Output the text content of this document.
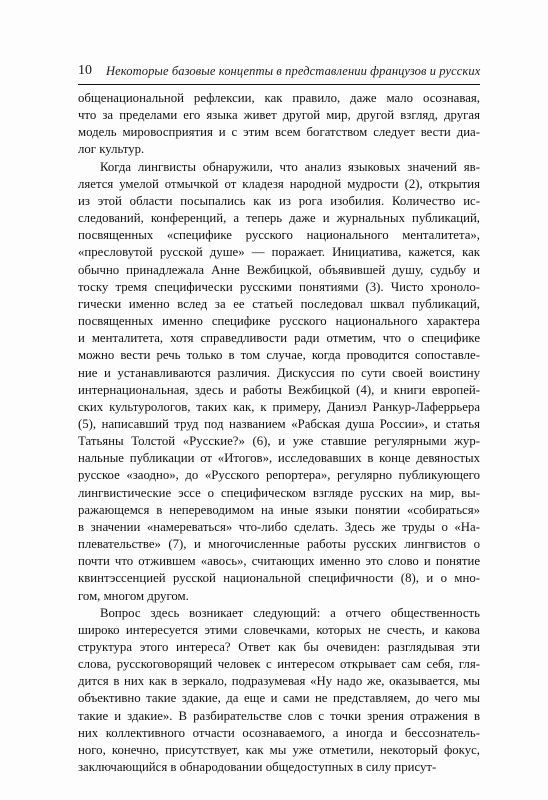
10 Некоторые базовые концепты в представлении французов и русских
общенациональной рефлексии, как правило, даже мало осознавая,
что за пределами его языка живет другой мир, другой взгляд, другая
модель мировосприятия и с этим всем богатством следует вести диа-
лог культур.
Когда лингвисты обнаружили, что анализ языковых значений яв-
ляется умелой отмычкой от кладезя народной мудрости (2), открытия
из этой области посыпались как из рога изобилия. Количество ис-
следований, конференций, а теперь даже и журнальных публикаций,
посвященных «специфике русского национального менталитета»,
«пресловутой русской душе» — поражает. Инициатива, кажется, как
обычно принадлежала Анне Вежбицкой, объявившей душу, судьбу и
тоску тремя специфически русскими понятиями (3). Чисто хроноло-
гически именно вслед за ее статьей последовал шквал публикаций,
посвященных именно специфике русского национального характера
и менталитета, хотя справедливости ради отметим, что о специфике
можно вести речь только в том случае, когда проводится сопоставле-
ние и устанавливаются различия. Дискуссия по сути своей воистину
интернациональная, здесь и работы Вежбицкой (4), и книги европей-
ских культурологов, таких как, к примеру, Даниэл Ранкур-Лаферрьера
(5), написавший труд под названием «Рабская душа России», и статья
Татьяны Толстой «Русские?» (6), и уже ставшие регулярными жур-
нальные публикации от «Итогов», исследовавших в конце девяностых
русское «заодно», до «Русского репортера», регулярно публикующего
лингвистические эссе о специфическом взгляде русских на мир, вы-
ражающемся в непереводимом на иные языки понятии «собираться»
в значении «намереваться» что-либо сделать. Здесь же труды о «На-
плевательстве» (7), и многочисленные работы русских лингвистов о
почти что отжившем «авось», считающих именно это слово и понятие
квинтэссенцией русской национальной специфичности (8), и о мно-
гом, многом другом.
Вопрос здесь возникает следующий: а отчего общественность
широко интересуется этими словечками, которых не счесть, и какова
структура этого интереса? Ответ как бы очевиден: разглядывая эти
слова, русскоговорящий человек с интересом открывает сам себя, гля-
дится в них как в зеркало, подразумевая «Ну надо же, оказывается, мы
объективно такие здакие, да еще и сами не представляем, до чего мы
такие и здакие». В разбирательстве слов с точки зрения отражения в
них коллективного отчасти осознаваемого, а иногда и бессознатель-
ного, конечно, присутствует, как мы уже отметили, некоторый фокус,
заключающийся в обнародовании общедоступных в силу присут-
